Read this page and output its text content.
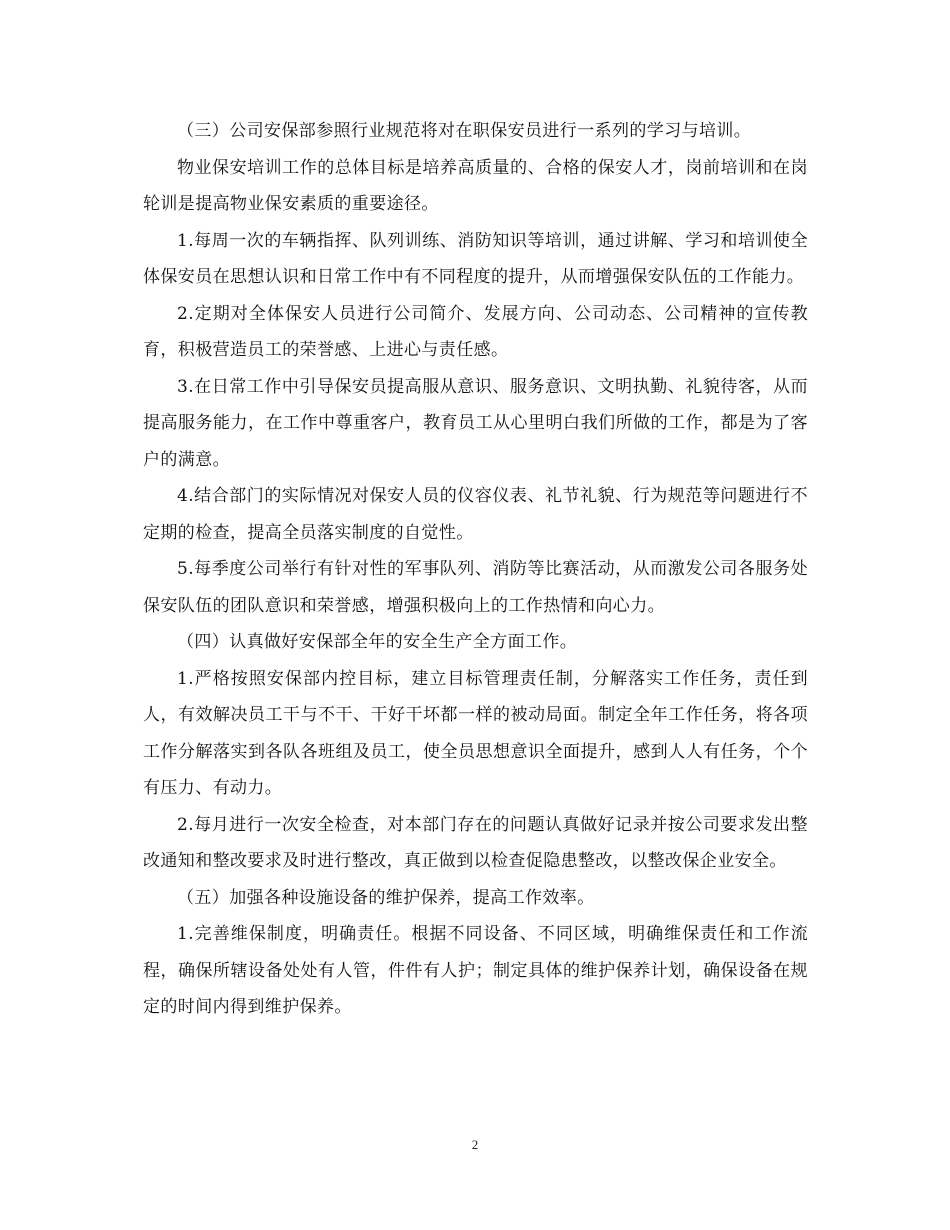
（三）公司安保部参照行业规范将对在职保安员进行一系列的学习与培训。

物业保安培训工作的总体目标是培养高质量的、合格的保安人才，岗前培训和在岗轮训是提高物业保安素质的重要途径。

1.每周一次的车辆指挥、队列训练、消防知识等培训，通过讲解、学习和培训使全体保安员在思想认识和日常工作中有不同程度的提升，从而增强保安队伍的工作能力。

2.定期对全体保安人员进行公司简介、发展方向、公司动态、公司精神的宣传教育，积极营造员工的荣誉感、上进心与责任感。

3.在日常工作中引导保安员提高服从意识、服务意识、文明执勤、礼貌待客，从而提高服务能力，在工作中尊重客户，教育员工从心里明白我们所做的工作，都是为了客户的满意。

4.结合部门的实际情况对保安人员的仪容仪表、礼节礼貌、行为规范等问题进行不定期的检查，提高全员落实制度的自觉性。

5.每季度公司举行有针对性的军事队列、消防等比赛活动，从而激发公司各服务处保安队伍的团队意识和荣誉感，增强积极向上的工作热情和向心力。

（四）认真做好安保部全年的安全生产全方面工作。

1.严格按照安保部内控目标，建立目标管理责任制，分解落实工作任务，责任到人，有效解决员工干与不干、干好干坏都一样的被动局面。制定全年工作任务，将各项工作分解落实到各队各班组及员工，使全员思想意识全面提升，感到人人有任务，个个有压力、有动力。

2.每月进行一次安全检查，对本部门存在的问题认真做好记录并按公司要求发出整改通知和整改要求及时进行整改，真正做到以检查促隐患整改，以整改保企业安全。

（五）加强各种设施设备的维护保养，提高工作效率。

1.完善维保制度，明确责任。根据不同设备、不同区域，明确维保责任和工作流程，确保所辖设备处处有人管，件件有人护；制定具体的维护保养计划，确保设备在规定的时间内得到维护保养。

2
